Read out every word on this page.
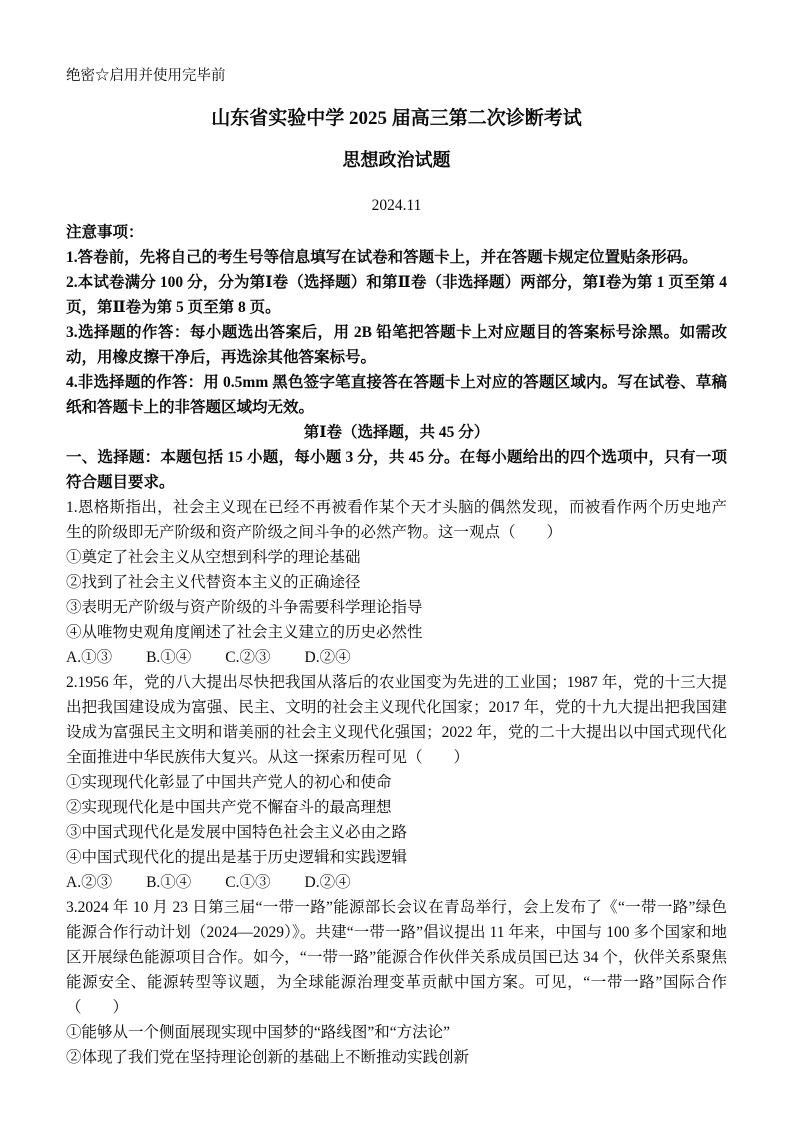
绝密☆启用并使用完毕前

山东省实验中学 2025 届高三第二次诊断考试
思想政治试题

2024.11

注意事项：

1.答卷前，先将自己的考生号等信息填写在试卷和答题卡上，并在答题卡规定位置贴条形码。

2.本试卷满分 100 分，分为第Ⅰ卷（选择题）和第Ⅱ卷（非选择题）两部分，第Ⅰ卷为第 1 页至第 4 页，第Ⅱ卷为第 5 页至第 8 页。

3.选择题的作答：每小题选出答案后，用 2B 铅笔把答题卡上对应题目的答案标号涂黑。如需改动，用橡皮擦干净后，再选涂其他答案标号。

4.非选择题的作答：用 0.5mm 黑色签字笔直接答在答题卡上对应的答题区域内。写在试卷、草稿纸和答题卡上的非答题区域均无效。

第Ⅰ卷（选择题，共 45 分）

一、选择题：本题包括 15 小题，每小题 3 分，共 45 分。在每小题给出的四个选项中，只有一项符合题目要求。

1.恩格斯指出，社会主义现在已经不再被看作某个天才头脑的偶然发现，而被看作两个历史地产生的阶级即无产阶级和资产阶级之间斗争的必然产物。这一观点（　　）

①奠定了社会主义从空想到科学的理论基础

②找到了社会主义代替资本主义的正确途径

③表明无产阶级与资产阶级的斗争需要科学理论指导

④从唯物史观角度阐述了社会主义建立的历史必然性

A.①③ B.①④ C.②③ D.②④

2.1956 年，党的八大提出尽快把我国从落后的农业国变为先进的工业国；1987 年，党的十三大提出把我国建设成为富强、民主、文明的社会主义现代化国家；2017 年，党的十九大提出把我国建设成为富强民主文明和谐美丽的社会主义现代化强国；2022 年，党的二十大提出以中国式现代化全面推进中华民族伟大复兴。从这一探索历程可见（　　）

①实现现代化彰显了中国共产党人的初心和使命

②实现现代化是中国共产党不懈奋斗的最高理想

③中国式现代化是发展中国特色社会主义必由之路

④中国式现代化的提出是基于历史逻辑和实践逻辑

A.②③ B.①④ C.①③ D.②④

3.2024 年 10 月 23 日第三届“一带一路”能源部长会议在青岛举行，会上发布了《“一带一路”绿色能源合作行动计划（2024—2029）》。共建“一带一路”倡议提出 11 年来，中国与 100 多个国家和地区开展绿色能源项目合作。如今，“一带一路”能源合作伙伴关系成员国已达 34 个，伙伴关系聚焦能源安全、能源转型等议题，为全球能源治理变革贡献中国方案。可见，“一带一路”国际合作（　　）

①能够从一个侧面展现实现中国梦的“路线图”和“方法论”

②体现了我们党在坚持理论创新的基础上不断推动实践创新
